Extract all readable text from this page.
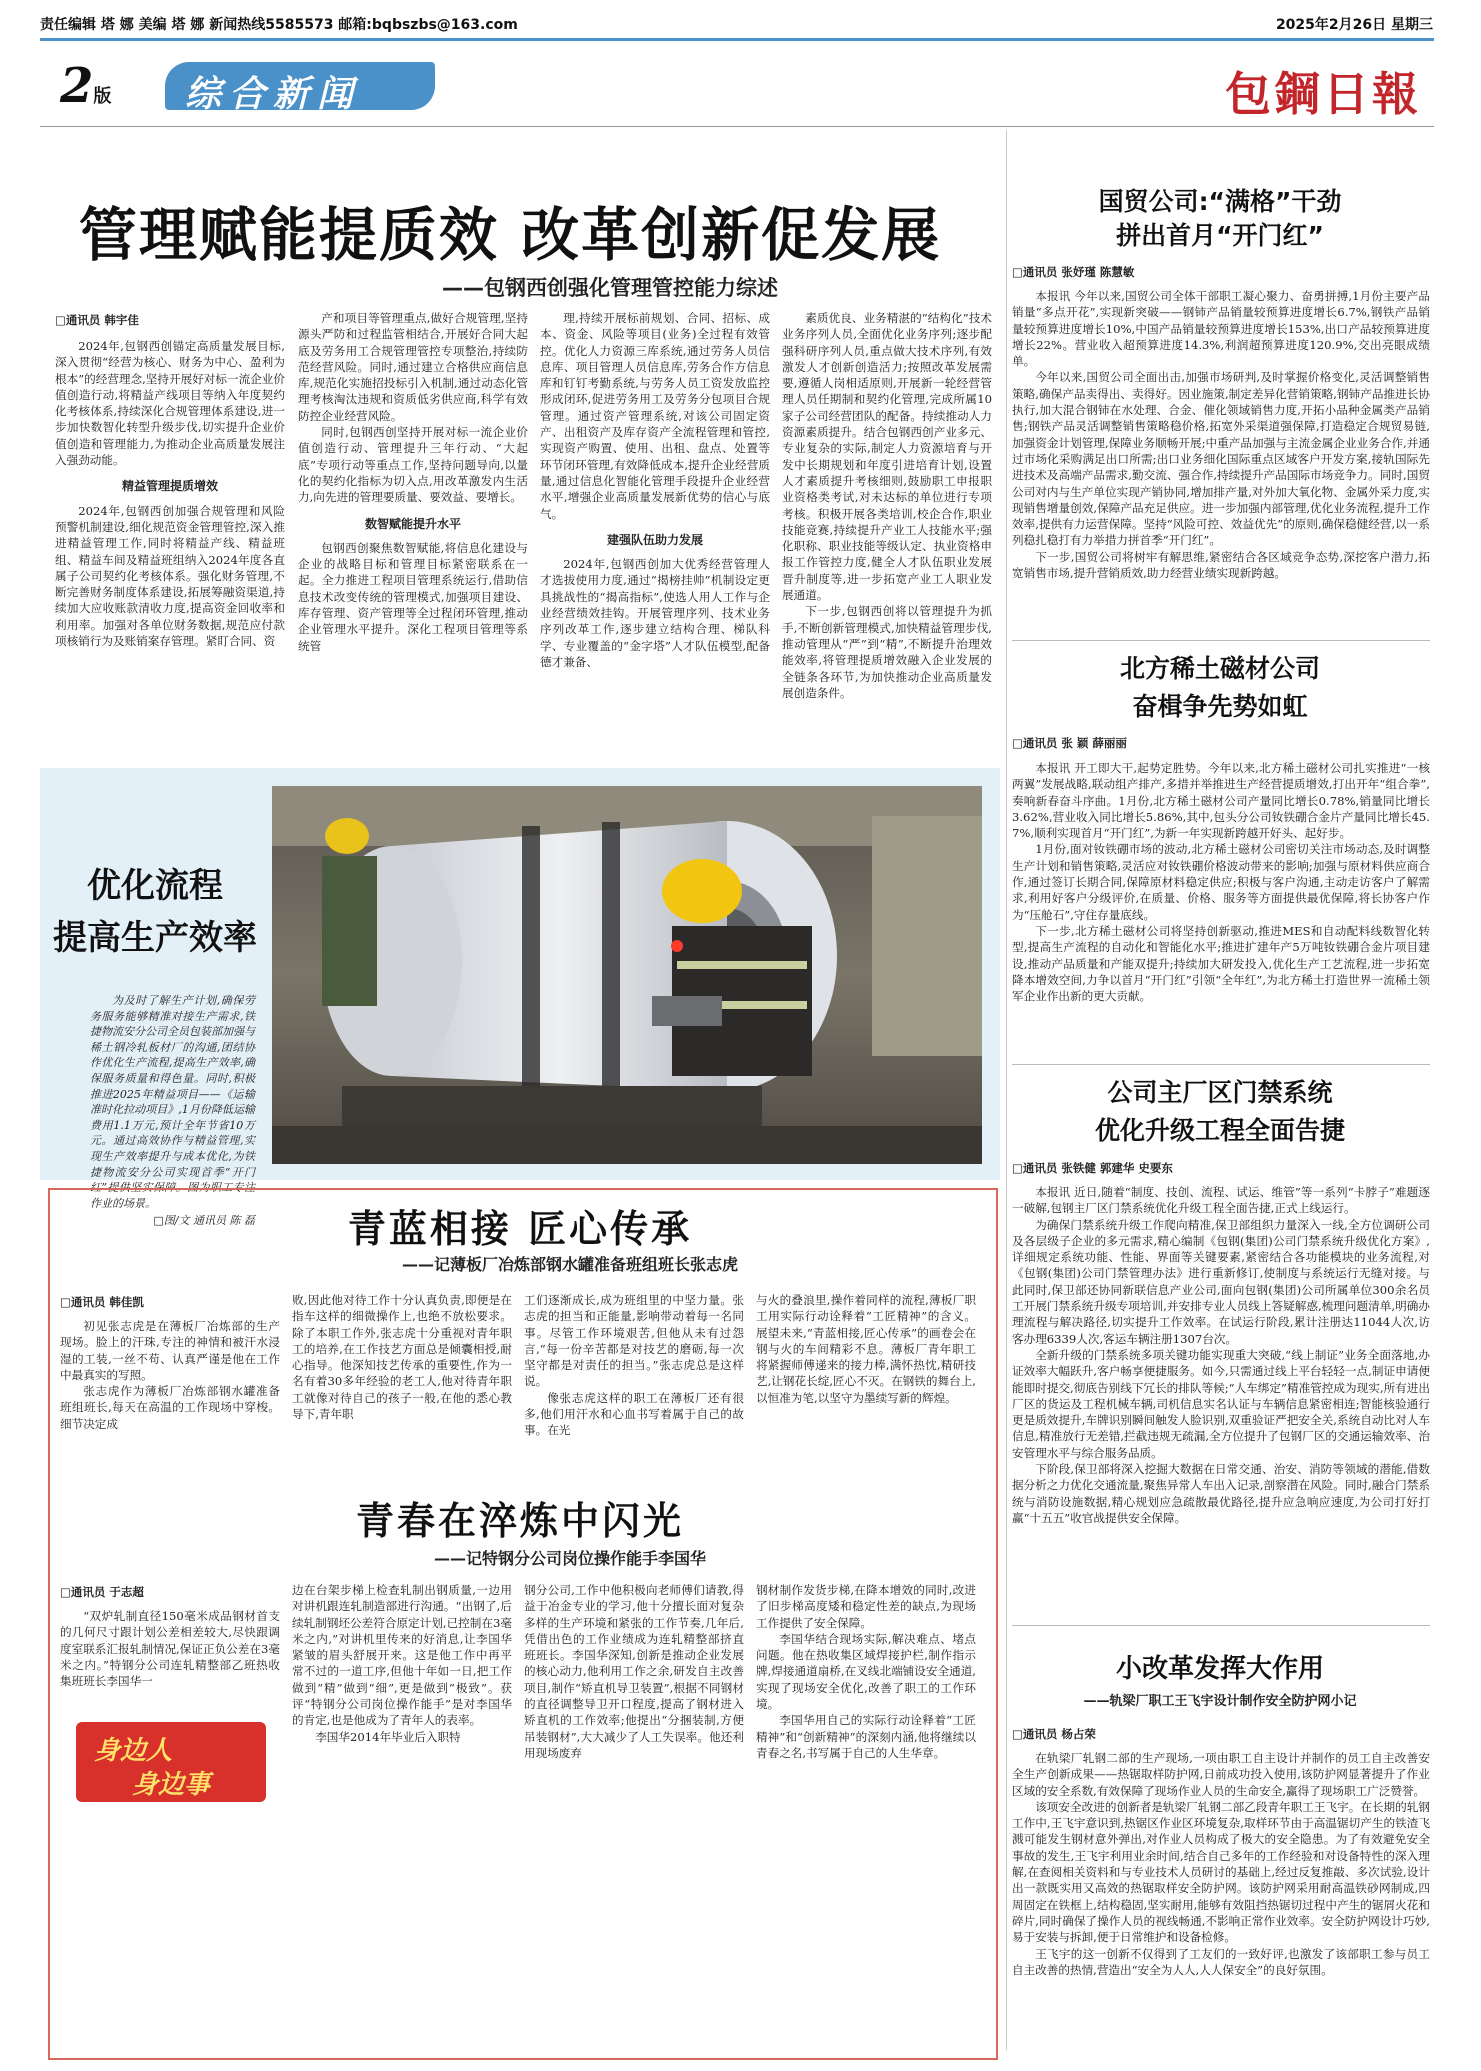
责任编辑 塔 娜 美编 塔 娜 新闻热线5585573 邮箱:bqbszbs@163.com	2025年2月26日 星期三
2版 综合新闻	包鋼日報
管理赋能提质效 改革创新促发展
——包钢西创强化管理管控能力综述
□通讯员 韩宇佳

2024年,包钢西创锚定高质量发展目标,深入贯彻“经营为核心、财务为中心、盈利为根本”的经营理念,坚持开展好对标一流企业价值创造行动,将精益产线项目等纳入年度契约化考核体系,持续深化合规管理体系建设,进一步加快数智化转型升级步伐,切实提升企业价值创造和管理能力,为推动企业高质量发展注入强劲动能。

精益管理提质增效

2024年,包钢西创加强合规管理和风险预警机制建设,细化规范资金管理管控,深入推进精益管理工作,同时将精益产线、精益班组、精益车间及精益班组纳入2024年度各直属子公司契约化考核体系。强化财务管理,不断完善财务制度体系建设,拓展筹融资渠道,持续加大应收账款清收力度,提高资金回收率和利用率。加强对各单位财务数据,规范应付款项核销行为及账销案存管理。紧盯合同、资

产和项目等管理重点,做好合规管理,坚持源头严防和过程监管相结合,开展好合同大起底及劳务用工合规管理管控专项整治,持续防范经营风险。同时,通过建立合格供应商信息库,规范化实施招投标引入机制,通过动态化管理考核淘汰违规和资质低劣供应商,科学有效防控企业经营风险。

同时,包钢西创坚持开展对标一流企业价值创造行动、管理提升三年行动、“大起底”专项行动等重点工作,坚持问题导向,以量化的契约化指标为切入点,用改革激发内生活力,向先进的管理要质量、要效益、要增长。

数智赋能提升水平

包钢西创聚焦数智赋能,将信息化建设与企业的战略目标和管理目标紧密联系在一起。全力推进工程项目管理系统运行,借助信息技术改变传统的管理模式,加强项目建设、库存管理、资产管理等全过程闭环管理,推动企业管理水平提升。深化工程项目管理等系统管

理,持续开展标前规划、合同、招标、成本、资金、风险等项目(业务)全过程有效管控。优化人力资源三库系统,通过劳务人员信息库、项目管理人员信息库,劳务合作方信息库和钉钉考勤系统,与劳务人员工资发放监控形成闭环,促进劳务用工及劳务分包项目合规管理。通过资产管理系统,对该公司固定资产、出租资产及库存资产全流程管理和管控,实现资产购置、使用、出租、盘点、处置等环节闭环管理,有效降低成本,提升企业经营质量,通过信息化智能化管理手段提升企业经营水平,增强企业高质量发展新优势的信心与底气。

建强队伍助力发展

2024年,包钢西创加大优秀经营管理人才选拔使用力度,通过“揭榜挂帅”机制设定更具挑战性的“揭高指标”,使选人用人工作与企业经营绩效挂钩。开展管理序列、技术业务序列改革工作,逐步建立结构合理、梯队科学、专业覆盖的“金字塔”人才队伍模型,配备德才兼备、

素质优良、业务精湛的“结构化”技术业务序列人员,全面优化业务序列;逐步配强科研序列人员,重点做大技术序列,有效激发人才创新创造活力;按照改革发展需要,遵循人岗相适原则,开展新一轮经营管理人员任期制和契约化管理,完成所属10家子公司经营团队的配备。持续推动人力资源素质提升。结合包钢西创产业多元、专业复杂的实际,制定人力资源培育与开发中长期规划和年度引进培育计划,设置人才素质提升考核细则,鼓励职工申报职业资格类考试,对未达标的单位进行专项考核。积极开展各类培训,校企合作,职业技能竞赛,持续提升产业工人技能水平;强化职称、职业技能等级认定、执业资格申报工作管控力度,健全人才队伍职业发展晋升制度等,进一步拓宽产业工人职业发展通道。

下一步,包钢西创将以管理提升为抓手,不断创新管理模式,加快精益管理步伐,推动管理从“严”到“精”,不断提升治理效能效率,将管理提质增效融入企业发展的全链条各环节,为加快推动企业高质量发展创造条件。

优化流程
提高生产效率
为及时了解生产计划,确保劳务服务能够精准对接生产需求,铁捷物流安分公司全员包装部加强与稀土钢冷轧板材厂的沟通,团结协作优化生产流程,提高生产效率,确保服务质量和得色量。同时,积极推进2025年精益项目——《运输准时化拉动项目》,1月份降低运输费用1.1万元,预计全年节省10万元。通过高效协作与精益管理,实现生产效率提升与成本优化,为铁捷物流安分公司实现首季“开门红”提供坚实保障。图为职工专注作业的场景。
□图/文 通讯员 陈 磊
国贸公司:“满格”干劲
拼出首月“开门红”
□通讯员 张妤瑾 陈慧敏

本报讯 今年以来,国贸公司全体干部职工凝心聚力、奋勇拼搏,1月份主要产品销量“多点开花”,实现新突破——钢铈产品销量较预算进度增长6.7%,钢铁产品销量较预算进度增长10%,中国产品销量较预算进度增长153%,出口产品较预算进度增长22%。营业收入超预算进度14.3%,利润超预算进度120.9%,交出亮眼成绩单。

今年以来,国贸公司全面出击,加强市场研判,及时掌握价格变化,灵活调整销售策略,确保产品卖得出、卖得好。因业施策,制定差异化营销策略,钢铈产品推进长协执行,加大混合钢铈在水处理、合金、催化领域销售力度,开拓小品种金属类产品销售;钢铁产品灵活调整销售策略稳价格,拓宽外采渠道强保障,打造稳定合规贸易链,加强资金计划管理,保障业务顺畅开展;中重产品加强与主流金属企业业务合作,并通过市场化采购满足出口所需;出口业务细化国际重点区域客户开发方案,接轨国际先进技术及高端产品需求,勤交流、强合作,持续提升产品国际市场竞争力。同时,国贸公司对内与生产单位实现产销协同,增加排产量,对外加大氧化物、金属外采力度,实现销售增量创效,保障产品充足供应。进一步加强内部管理,优化业务流程,提升工作效率,提供有力运营保障。坚持“风险可控、效益优先”的原则,确保稳健经营,以一系列稳扎稳打有力举措力拼首季“开门红”。

下一步,国贸公司将树牢有解思维,紧密结合各区域竞争态势,深挖客户潜力,拓宽销售市场,提升营销质效,助力经营业绩实现新跨越。

北方稀土磁材公司
奋楫争先势如虹
□通讯员 张 颖 薛丽丽

本报讯 开工即大干,起势定胜势。今年以来,北方稀土磁材公司扎实推进“一核两翼”发展战略,联动组产排产,多措并举推进生产经营提质增效,打出开年“组合拳”,奏响新春奋斗序曲。1月份,北方稀土磁材公司产量同比增长0.78%,销量同比增长3.62%,营业收入同比增长5.86%,其中,包头分公司钕铁硼合金片产量同比增长45.7%,顺利实现首月“开门红”,为新一年实现新跨越开好头、起好步。

1月份,面对钕铁硼市场的波动,北方稀土磁材公司密切关注市场动态,及时调整生产计划和销售策略,灵活应对钕铁硼价格波动带来的影响;加强与原材料供应商合作,通过签订长期合同,保障原材料稳定供应;积极与客户沟通,主动走访客户了解需求,利用好客户分级评价,在质量、价格、服务等方面提供最优保障,将长协客户作为“压舱石”,守住存量底线。

下一步,北方稀土磁材公司将坚持创新驱动,推进MES和自动配料线数智化转型,提高生产流程的自动化和智能化水平;推进扩建年产5万吨钕铁硼合金片项目建设,推动产品质量和产能双提升;持续加大研发投入,优化生产工艺流程,进一步拓宽降本增效空间,力争以首月“开门红”引领“全年红”,为北方稀土打造世界一流稀土领军企业作出新的更大贡献。

公司主厂区门禁系统
优化升级工程全面告捷
□通讯员 张铁健 郭建华 史要东

本报讯 近日,随着“制度、技创、流程、试运、维管”等一系列“卡脖子”难题逐一破解,包钢主厂区门禁系统优化升级工程全面告捷,正式上线运行。

为确保门禁系统升级工作爬向精准,保卫部组织力量深入一线,全方位调研公司及各层级子企业的多元需求,精心编制《包钢(集团)公司门禁系统升级优化方案》,详细规定系统功能、性能、界面等关键要素,紧密结合各功能模块的业务流程,对《包钢(集团)公司门禁管理办法》进行重新修订,使制度与系统运行无缝对接。与此同时,保卫部还协同新联信息产业公司,面向包钢(集团)公司所属单位300余名员工开展门禁系统升级专项培训,并安排专业人员线上答疑解惑,梳理问题清单,明确办理流程与解决路径,切实提升工作效率。在试运行阶段,累计注册达11044人次,访客办理6339人次,客运车辆注册1307台次。

全新升级的门禁系统多项关键功能实现重大突破,“线上制证”业务全面落地,办证效率大幅跃升,客户畅享便捷服务。如今,只需通过线上平台轻轻一点,制证申请便能即时提交,彻底告别线下冗长的排队等候;“人车绑定”精准管控成为现实,所有进出厂区的货运及工程机械车辆,司机信息实名认证与车辆信息紧密相连;智能核验通行更是质效提升,车牌识别瞬间触发人脸识别,双重验证严把安全关,系统自动比对人车信息,精准放行无差错,拦截违规无疏漏,全方位提升了包钢厂区的交通运输效率、治安管理水平与综合服务品质。

下阶段,保卫部将深入挖掘大数据在日常交通、治安、消防等领域的潜能,借数据分析之力优化交通流量,聚焦异常人车出入记录,剖察潜在风险。同时,融合门禁系统与消防设施数据,精心规划应急疏散最优路径,提升应急响应速度,为公司打好打赢“十五五”收官战提供安全保障。

小改革发挥大作用
——轨梁厂职工王飞宇设计制作安全防护网小记
□通讯员 杨占荣

在轨梁厂轧钢二部的生产现场,一项由职工自主设计并制作的员工自主改善安全生产创新成果——热锯取样防护网,日前成功投入使用,该防护网显著提升了作业区域的安全系数,有效保障了现场作业人员的生命安全,赢得了现场职工广泛赞誉。

该项安全改进的创新者是轨梁厂轧钢二部乙段青年职工王飞宇。在长期的轧钢工作中,王飞宇意识到,热锯区作业区环境复杂,取样环节由于高温锯切产生的铁渣飞溅可能发生钢材意外弹出,对作业人员构成了极大的安全隐患。为了有效避免安全事故的发生,王飞宇利用业余时间,结合自己多年的工作经验和对设备特性的深入理解,在查阅相关资料和与专业技术人员研讨的基础上,经过反复推敲、多次试验,设计出一款既实用又高效的热锯取样安全防护网。该防护网采用耐高温铁砂网制成,四周固定在铁框上,结构稳固,坚实耐用,能够有效阻挡热锯切过程中产生的锯屑火花和碎片,同时确保了操作人员的视线畅通,不影响正常作业效率。安全防护网设计巧妙,易于安装与拆卸,便于日常维护和设备检修。

王飞宇的这一创新不仅得到了工友们的一致好评,也激发了该部职工参与员工自主改善的热情,营造出“安全为人人,人人保安全”的良好氛围。

青蓝相接 匠心传承
——记薄板厂冶炼部钢水罐准备班组班长张志虎
□通讯员 韩佳凯

初见张志虎是在薄板厂冶炼部的生产现场。脸上的汗珠,专注的神情和被汗水浸湿的工装,一丝不苟、认真严谨是他在工作中最真实的写照。

张志虎作为薄板厂冶炼部钢水罐准备班组班长,每天在高温的工作现场中穿梭。细节决定成

败,因此他对待工作十分认真负责,即便是在指车这样的细微操作上,也绝不放松要求。除了本职工作外,张志虎十分重视对青年职工的培养,在工作技艺方面总是倾囊相授,耐心指导。他深知技艺传承的重要性,作为一名有着30多年经验的老工人,他对待青年职工就像对待自己的孩子一般,在他的悉心教导下,青年职

工们逐渐成长,成为班组里的中坚力量。张志虎的担当和正能量,影响带动着每一名同事。尽管工作环境艰苦,但他从未有过怨言,“每一份辛苦都是对技艺的磨砺,每一次坚守都是对责任的担当。”张志虎总是这样说。

像张志虎这样的职工在薄板厂还有很多,他们用汗水和心血书写着属于自己的故事。在光

与火的叠浪里,操作着同样的流程,薄板厂职工用实际行动诠释着“工匠精神”的含义。展望未来,“青蓝相接,匠心传承”的画卷会在钢与火的车间精彩不息。薄板厂青年职工将紧握师傅递来的接力棒,满怀热忱,精研技艺,让钢花长绽,匠心不灭。在钢铁的舞台上,以恒准为笔,以坚守为墨续写新的辉煌。

青春在淬炼中闪光
——记特钢分公司岗位操作能手李国华
□通讯员 于志超

“双炉轧制直径150毫米成品钢材首支的几何尺寸跟计划公差相差较大,尽快跟调度室联系汇报轧制情况,保证正负公差在3毫米之内。”特钢分公司连轧精整部乙班热收集班班长李国华一

身边人
身边事

边在台架步梯上检查轧制出钢质量,一边用对讲机跟连轧制造部进行沟通。“出钢了,后续轧制钢坯公差符合原定计划,已控制在3毫米之内,”对讲机里传来的好消息,让李国华紧皱的眉头舒展开来。这是他工作中再平常不过的一道工序,但他十年如一日,把工作做到“精”做到“细”,更是做到“极致”。获评“特钢分公司岗位操作能手”是对李国华的肯定,也是他成为了青年人的表率。

李国华2014年毕业后入职特

钢分公司,工作中他积极向老师傅们请教,得益于冶金专业的学习,他十分擅长面对复杂多样的生产环境和紧张的工作节奏,几年后,凭借出色的工作业绩成为连轧精整部挤直班班长。李国华深知,创新是推动企业发展的核心动力,他利用工作之余,研发自主改善项目,制作“矫直机导卫装置”,根据不同钢材的直径调整导卫开口程度,提高了钢材进入矫直机的工作效率;他提出“分捆装制,方便吊装钢材”,大大减少了人工失误率。他还利用现场废弃

钢材制作发货步梯,在降本增效的同时,改进了旧步梯高度矮和稳定性差的缺点,为现场工作提供了安全保障。

李国华结合现场实际,解决难点、堵点问题。他在热收集区域焊接护栏,制作指示牌,焊接通道扇桥,在叉线北端铺设安全通道,实现了现场安全优化,改善了职工的工作环境。

李国华用自己的实际行动诠释着“工匠精神”和“创新精神”的深刻内涵,他将继续以青春之名,书写属于自己的人生华章。
